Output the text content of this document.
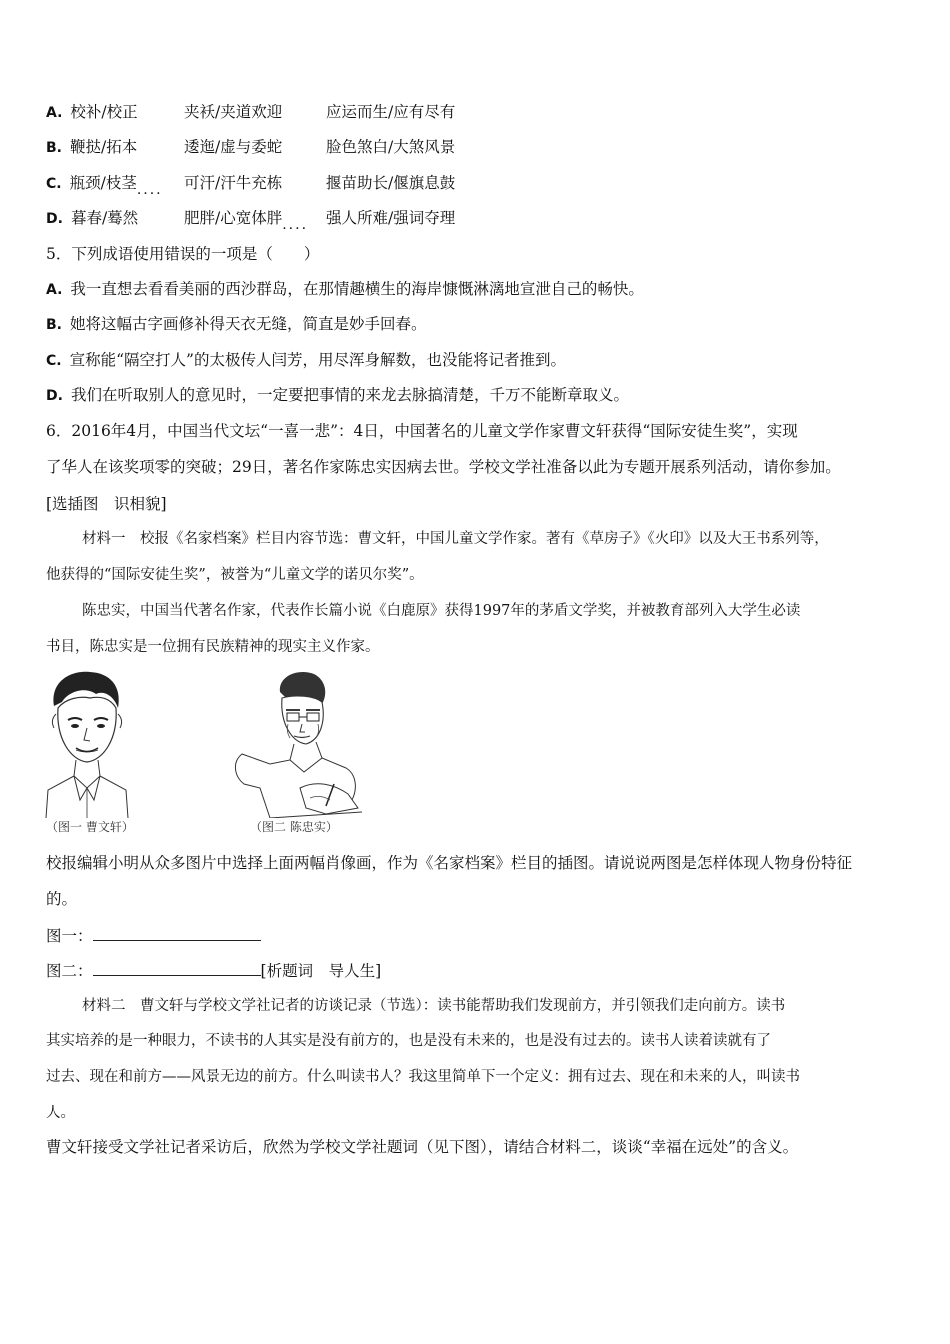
A. 校补/校正	夹袄/夹道欢迎	应运而生/应有尽有
B. 鞭挞/拓本	逶迤/虚与委蛇	脸色煞白/大煞风景
C. 瓶颈/枝茎.... 可汗/汗牛充栋	揠苗助长/偃旗息鼓
D. 暮春/蓦然	肥胖/心宽体胖.... 强人所难/强词夺理
5．下列成语使用错误的一项是（　　）
A. 我一直想去看看美丽的西沙群岛，在那情趣横生的海岸慷慨淋漓地宣泄自己的畅快。
B. 她将这幅古字画修补得天衣无缝，简直是妙手回春。
C. 宣称能“隔空打人”的太极传人闫芳，用尽浑身解数，也没能将记者推到。
D. 我们在听取别人的意见时，一定要把事情的来龙去脉搞清楚，千万不能断章取义。
6．2016年4月，中国当代文坛“一喜一悲”：4日，中国著名的儿童文学作家曹文轩获得“国际安徒生奖”，实现
了华人在该奖项零的突破；29日，著名作家陈忠实因病去世。学校文学社准备以此为专题开展系列活动，请你参加。
[选插图　识相貌]
材料一　校报《名家档案》栏目内容节选：曹文轩，中国儿童文学作家。著有《草房子》《火印》以及大王书系列等，
他获得的“国际安徒生奖”，被誉为“儿童文学的诺贝尔奖”。
陈忠实，中国当代著名作家，代表作长篇小说《白鹿原》获得1997年的茅盾文学奖，并被教育部列入大学生必读
书目，陈忠实是一位拥有民族精神的现实主义作家。
（图一 曹文轩）	（图二 陈忠实）
校报编辑小明从众多图片中选择上面两幅肖像画，作为《名家档案》栏目的插图。请说说两图是怎样体现人物身份特征
的。
图一：
图二：	[析题词　导人生]
材料二　曹文轩与学校文学社记者的访谈记录（节选）：读书能帮助我们发现前方，并引领我们走向前方。读书
其实培养的是一种眼力，不读书的人其实是没有前方的，也是没有未来的，也是没有过去的。读书人读着读就有了
过去、现在和前方——风景无边的前方。什么叫读书人？我这里简单下一个定义：拥有过去、现在和未来的人，叫读书
人。
曹文轩接受文学社记者采访后，欣然为学校文学社题词（见下图），请结合材料二，谈谈“幸福在远处”的含义。
